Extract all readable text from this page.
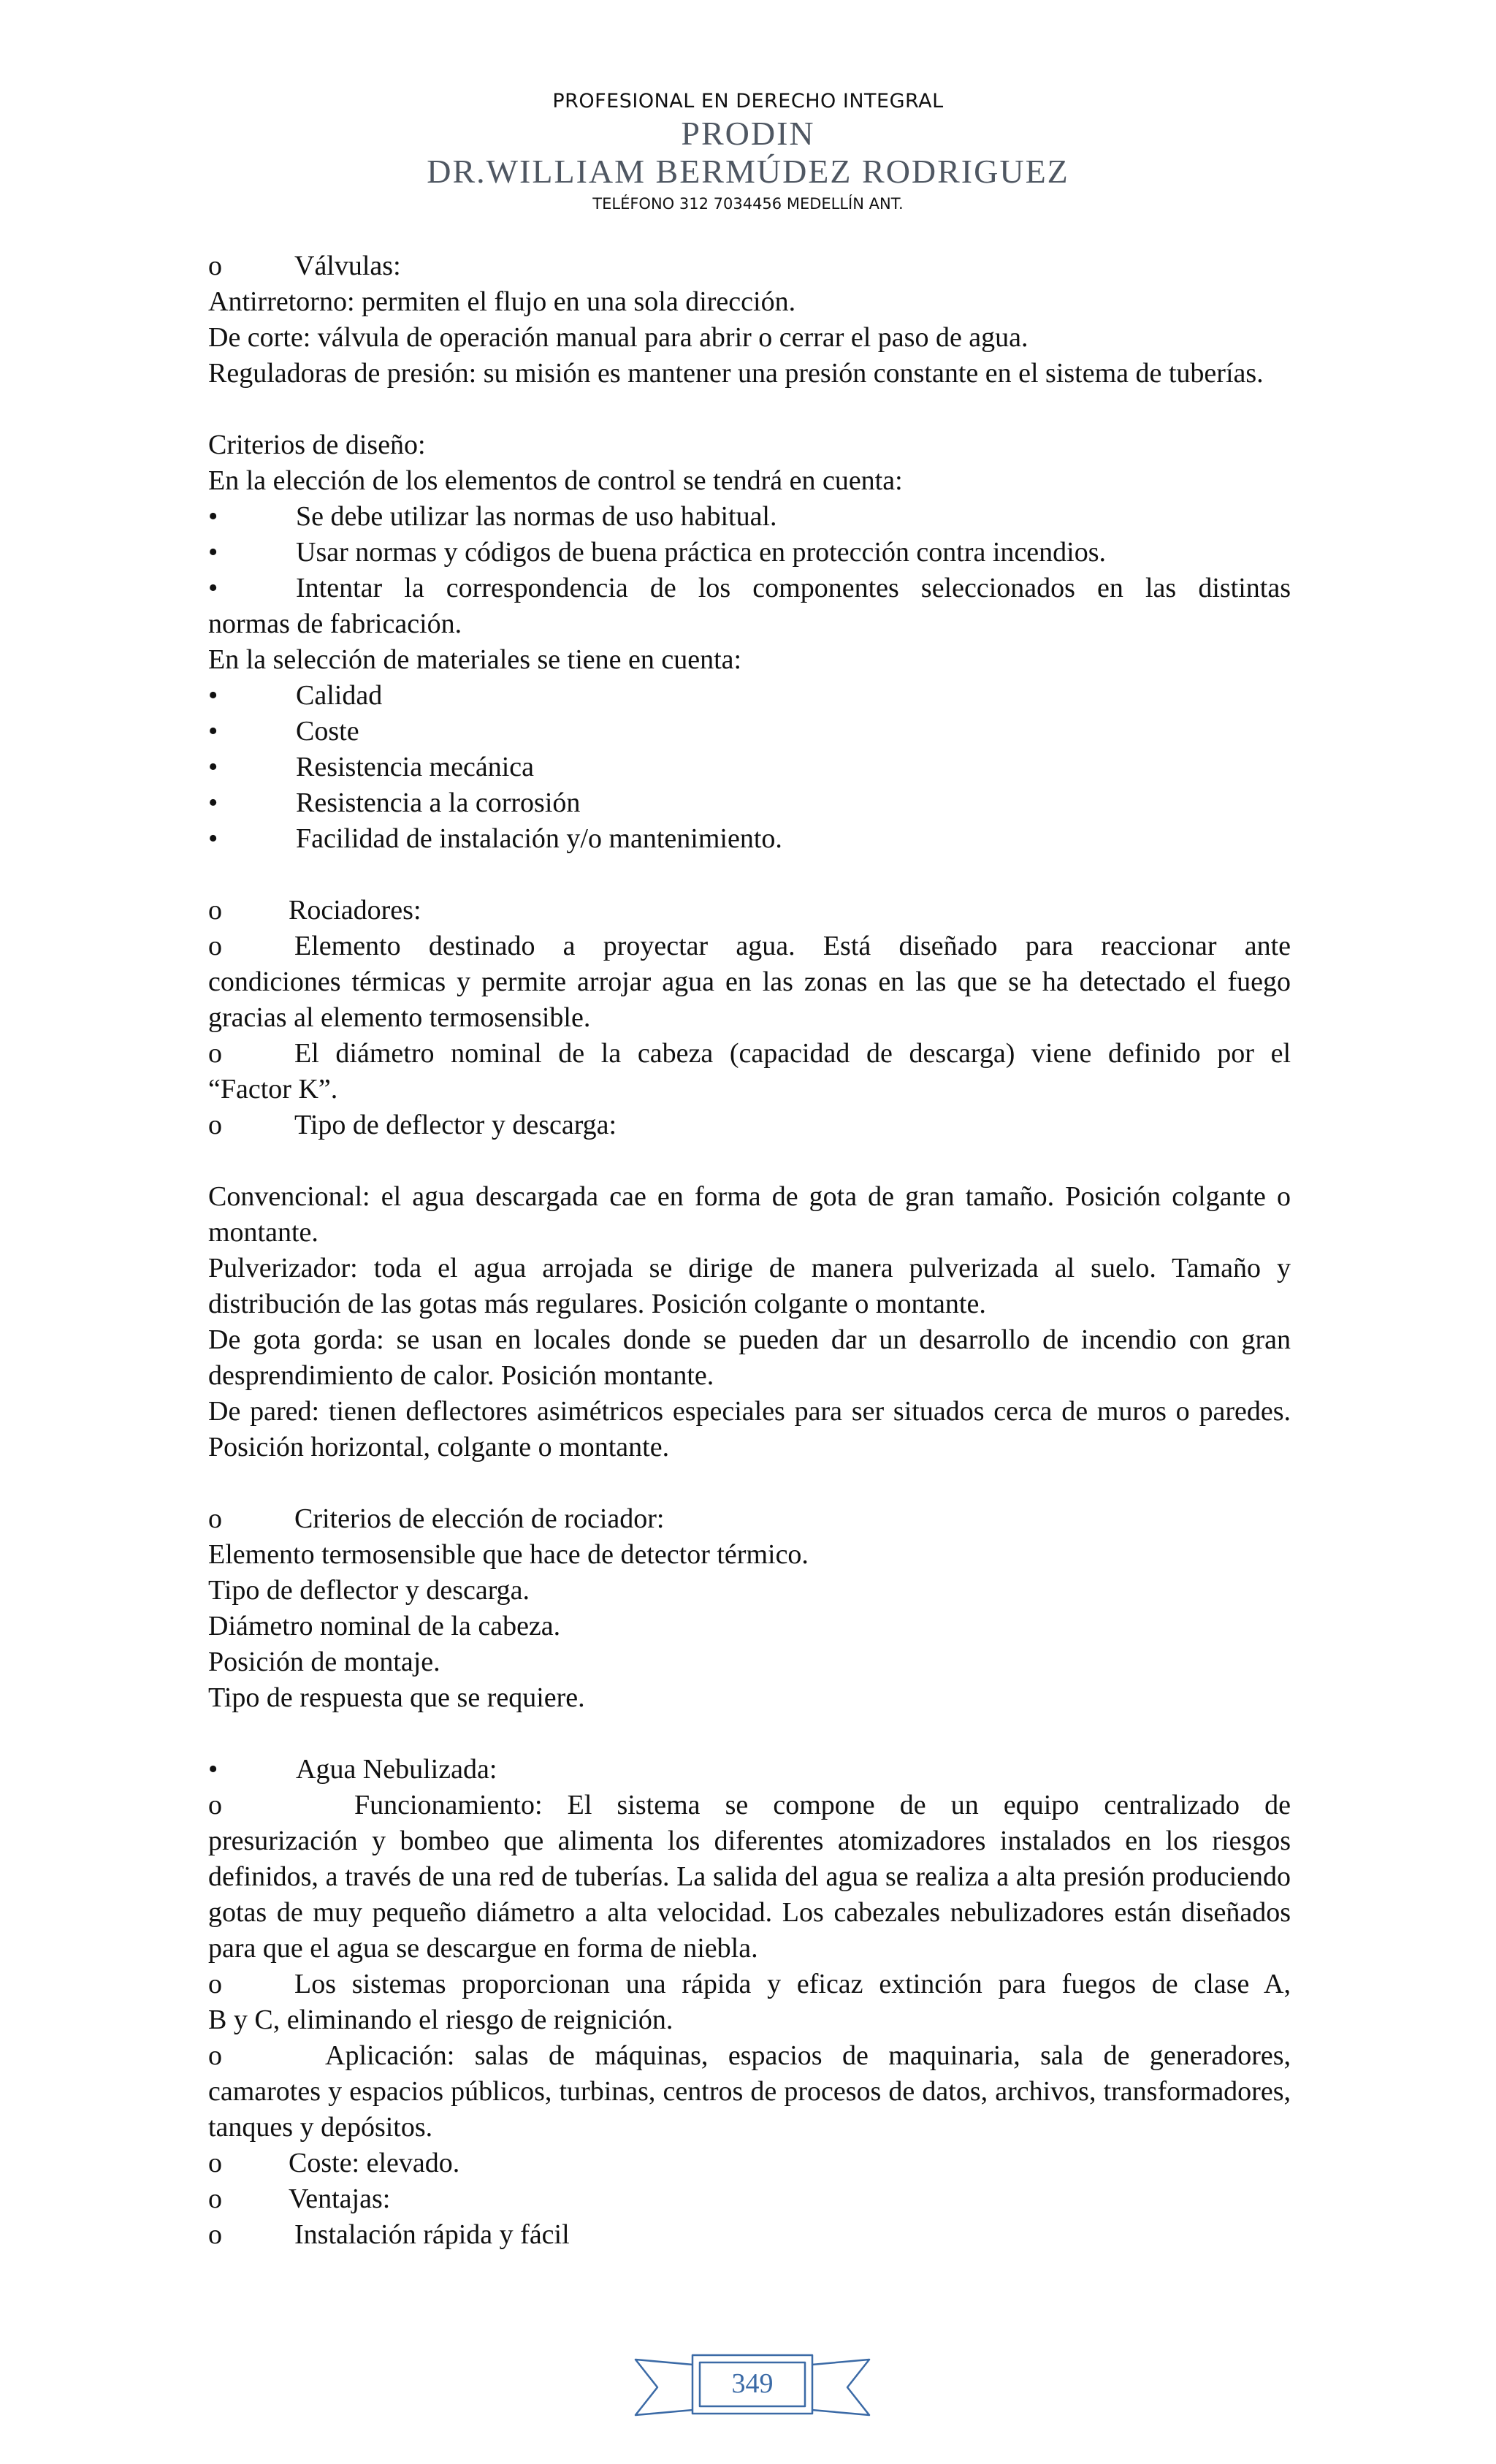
PROFESIONAL EN DERECHO INTEGRAL
PRODIN
DR.WILLIAM BERMÚDEZ RODRIGUEZ
TELÉFONO 312 7034456 MEDELLÍN ANT.

o	Válvulas:

Antirretorno: permiten el flujo en una sola dirección.

De corte: válvula de operación manual para abrir o cerrar el paso de agua.

Reguladoras de presión: su misión es mantener una presión constante en el sistema de tuberías.

Criterios de diseño:

En la elección de los elementos de control se tendrá en cuenta:

•	Se debe utilizar las normas de uso habitual.

•	Usar normas y códigos de buena práctica en protección contra incendios.

•	Intentar la correspondencia de los componentes seleccionados en las distintas

normas de fabricación.

En la selección de materiales se tiene en cuenta:

•	Calidad

•	Coste

•	Resistencia mecánica

•	Resistencia a la corrosión

•	Facilidad de instalación y/o mantenimiento.

o Rociadores:

o	Elemento destinado a proyectar agua. Está diseñado para reaccionar ante

condiciones térmicas y permite arrojar agua en las zonas en las que se ha detectado el fuego gracias al elemento termosensible.

o	El diámetro nominal de la cabeza (capacidad de descarga) viene definido por el

“Factor K”.

o	Tipo de deflector y descarga:

Convencional: el agua descargada cae en forma de gota de gran tamaño. Posición colgante o montante.

Pulverizador: toda el agua arrojada se dirige de manera pulverizada al suelo. Tamaño y distribución de las gotas más regulares. Posición colgante o montante.

De gota gorda: se usan en locales donde se pueden dar un desarrollo de incendio con gran desprendimiento de calor. Posición montante.

De pared: tienen deflectores asimétricos especiales para ser situados cerca de muros o paredes. Posición horizontal, colgante o montante.

o	Criterios de elección de rociador:

Elemento termosensible que hace de detector térmico.

Tipo de deflector y descarga.

Diámetro nominal de la cabeza.

Posición de montaje.

Tipo de respuesta que se requiere.

•	Agua Nebulizada:

o	Funcionamiento: El sistema se compone de un equipo centralizado de

presurización y bombeo que alimenta los diferentes atomizadores instalados en los riesgos definidos, a través de una red de tuberías. La salida del agua se realiza a alta presión produciendo gotas de muy pequeño diámetro a alta velocidad. Los cabezales nebulizadores están diseñados para que el agua se descargue en forma de niebla.

o	Los sistemas proporcionan una rápida y eficaz extinción para fuegos de clase A,

B y C, eliminando el riesgo de reignición.

o	Aplicación: salas de máquinas, espacios de maquinaria, sala de generadores,

camarotes y espacios públicos, turbinas, centros de procesos de datos, archivos, transformadores, tanques y depósitos.

o Coste: elevado.

o Ventajas:

o	Instalación rápida y fácil

349
